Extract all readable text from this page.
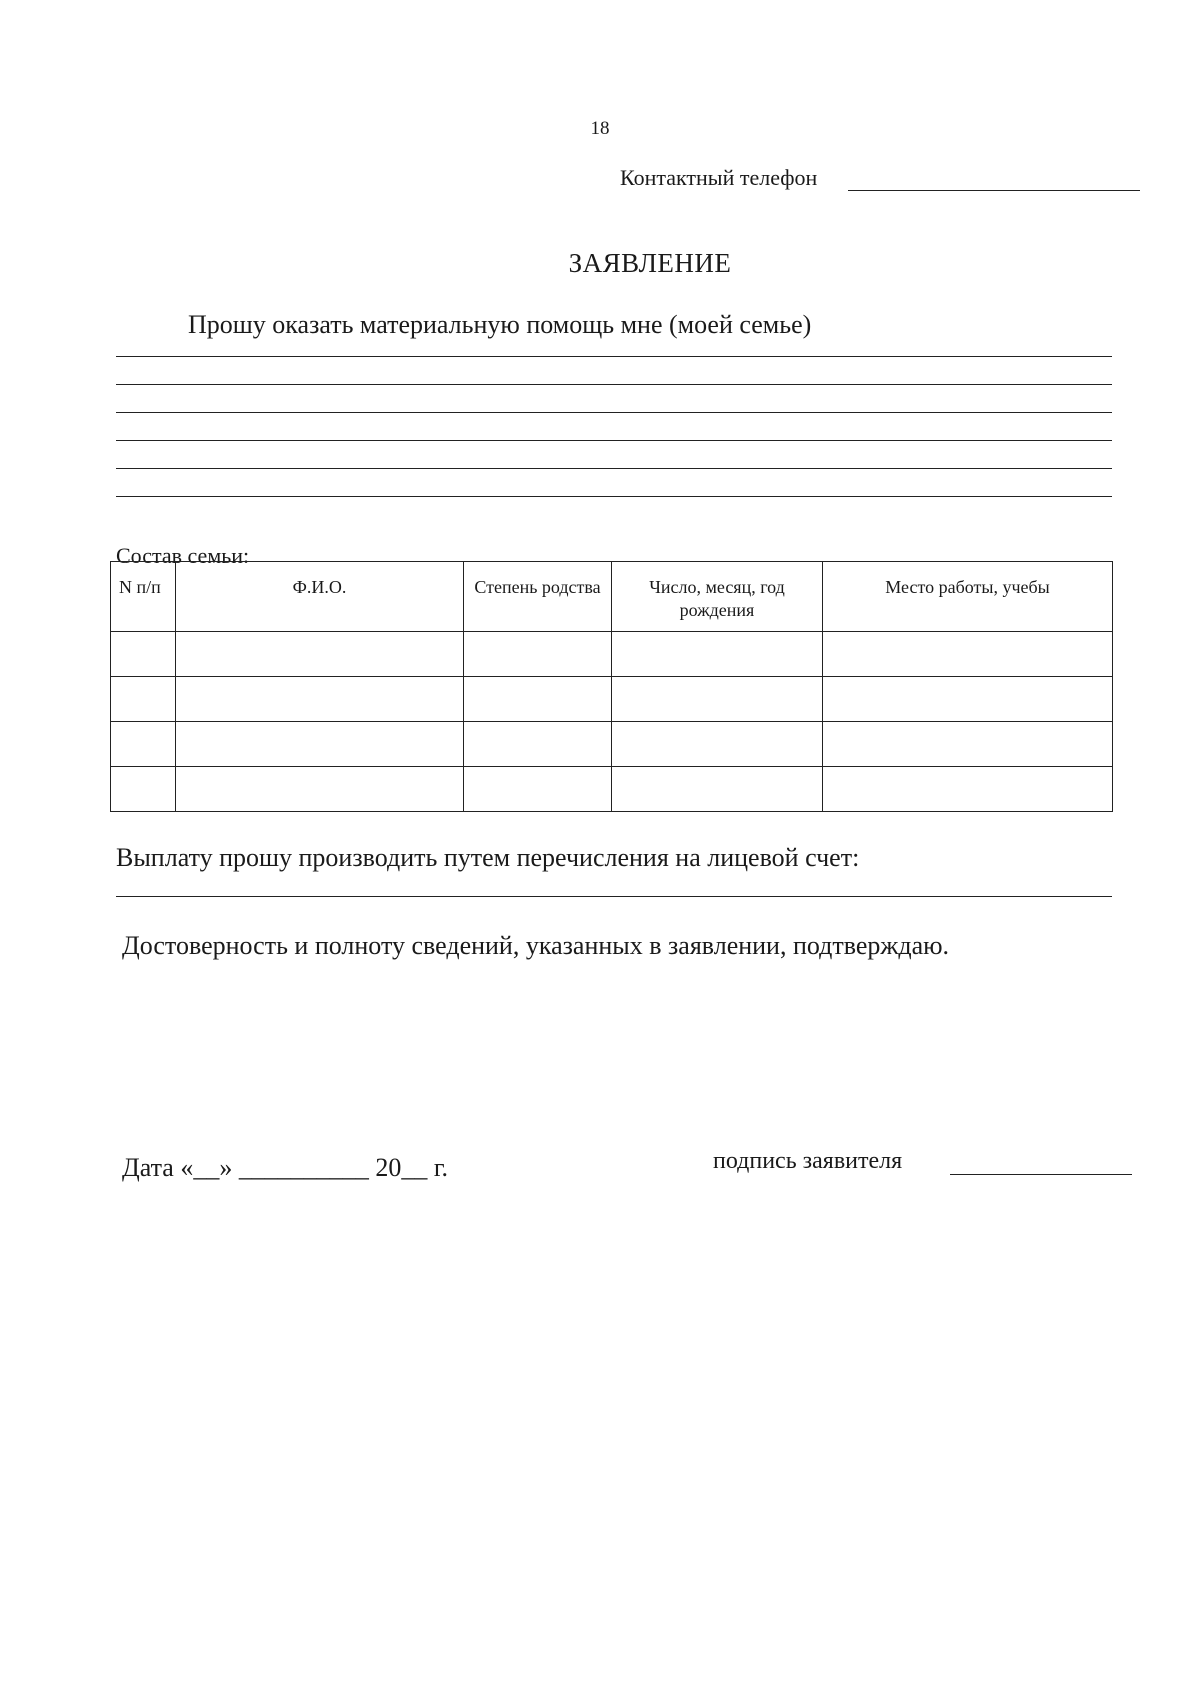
18
Контактный телефон
ЗАЯВЛЕНИЕ
Прошу оказать материальную помощь мне (моей семье)
Состав семьи:
N п/п	Ф.И.О.	Степень родства	Число, месяц, год рождения	Место работы, учебы

Выплату прошу производить путем перечисления на лицевой счет:
Достоверность и полноту сведений, указанных в заявлении, подтверждаю.
Дата «__» __________ 20__ г.	подпись заявителя
